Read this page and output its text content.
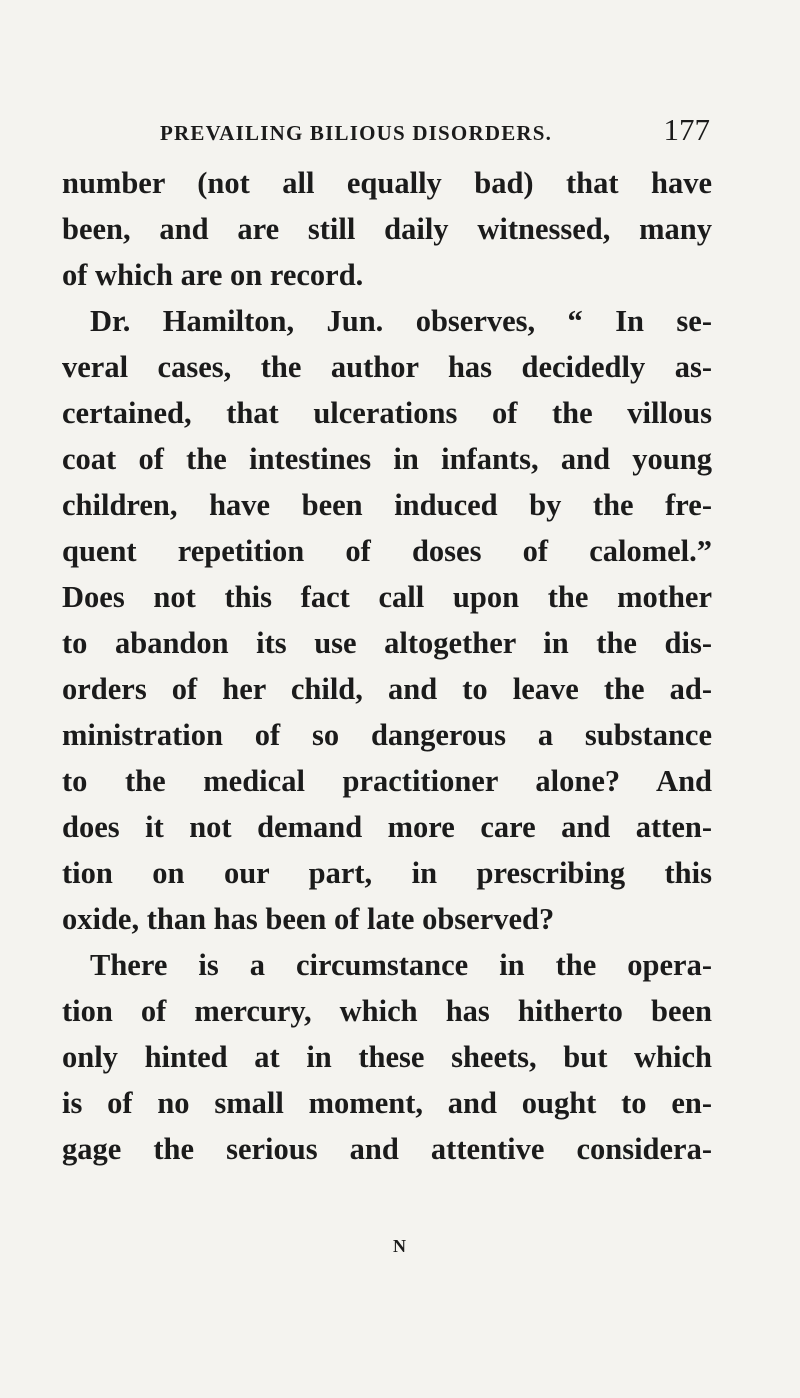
PREVAILING BILIOUS DISORDERS.	177
number (not all equally bad) that have
been, and are still daily witnessed, many
of which are on record.
Dr. Hamilton, Jun. observes, “ In se-
veral cases, the author has decidedly as-
certained, that ulcerations of the villous
coat of the intestines in infants, and young
children, have been induced by the fre-
quent repetition of doses of calomel.”
Does not this fact call upon the mother
to abandon its use altogether in the dis-
orders of her child, and to leave the ad-
ministration of so dangerous a substance
to the medical practitioner alone? And
does it not demand more care and atten-
tion on our part, in prescribing this
oxide, than has been of late observed?
There is a circumstance in the opera-
tion of mercury, which has hitherto been
only hinted at in these sheets, but which
is of no small moment, and ought to en-
gage the serious and attentive considera-
N
